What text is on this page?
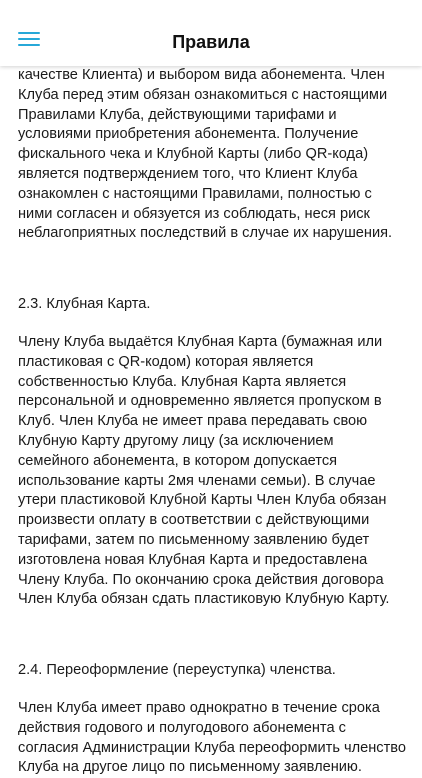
качестве Клиента) и выбором вида абонемента. Член Клуба перед этим обязан ознакомиться с настоящими Правилами Клуба, действующими тарифами и условиями приобретения абонемента. Получение фискального чека и Клубной Карты (либо QR-кода) является подтверждением того, что Клиент Клуба ознакомлен с настоящими Правилами, полностью с ними согласен и обязуется из соблюдать, неся риск неблагоприятных последствий в случае их нарушения.

2.3. Клубная Карта.

Члену Клуба выдаётся Клубная Карта (бумажная или пластиковая с QR-кодом) которая является собственностью Клуба. Клубная Карта является персональной и одновременно является пропуском в Клуб. Член Клуба не имеет права передавать свою Клубную Карту другому лицу (за исключением семейного абонемента, в котором допускается использование карты 2мя членами семьи). В случае утери пластиковой Клубной Карты Член Клуба обязан произвести оплату в соответствии с действующими тарифами, затем по письменному заявлению будет изготовлена новая Клубная Карта и предоставлена Члену Клуба. По окончанию срока действия договора Член Клуба обязан сдать пластиковую Клубную Карту.

2.4. Переоформление (переуступка) членства.

Член Клуба имеет право однократно в течение срока действия годового и полугодового абонемента с согласия Администрации Клуба переоформить членство Клуба на другое лицо по письменному заявлению.

Правила
